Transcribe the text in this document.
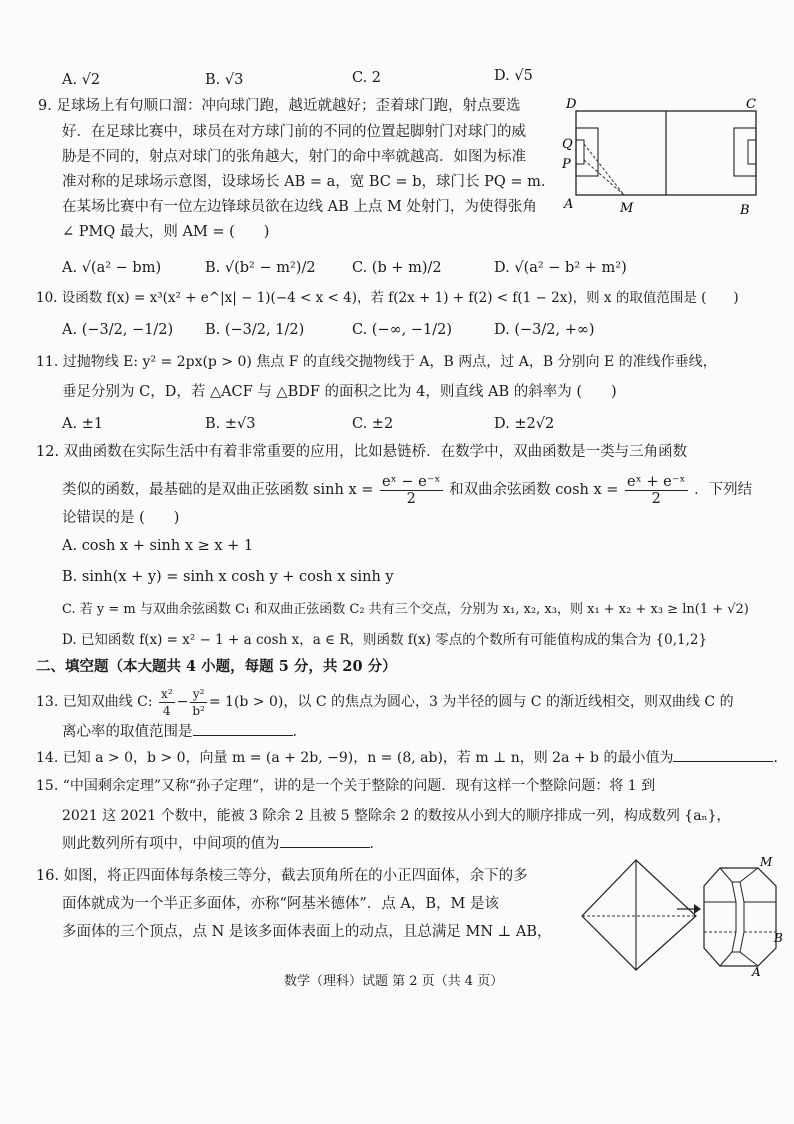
A. √2	B. √3	C. 2	D. √5
9. 足球场上有句顺口溜：冲向球门跑，越近就越好；歪着球门跑，射点要选
好．在足球比赛中，球员在对方球门前的不同的位置起脚射门对球门的威
胁是不同的，射点对球门的张角越大，射门的命中率就越高．如图为标准
准对称的足球场示意图，设球场长 AB = a，宽 BC = b，球门长 PQ = m．
在某场比赛中有一位左边锋球员欲在边线 AB 上点 M 处射门，为使得张角
∠ PMQ 最大，则 AM = (　　)
D	C
Q
P
A	M	B
A. √(a² − bm)	B. √(b² − m²)/2	C. (b + m)/2	D. √(a² − b² + m²)
10. 设函数 f(x) = x³(x² + e^|x| − 1)(−4 < x < 4)，若 f(2x + 1) + f(2) < f(1 − 2x)，则 x 的取值范围是 (　　)
A. (−3/2, −1/2) B. (−3/2, 1/2)	C. (−∞, −1/2)	D. (−3/2, +∞)
11. 过抛物线 E: y² = 2px(p > 0) 焦点 F 的直线交抛物线于 A，B 两点，过 A，B 分别向 E 的准线作垂线，
垂足分别为 C，D，若 △ACF 与 △BDF 的面积之比为 4，则直线 AB 的斜率为 (　　)
A. ±1	B. ±√3	C. ±2	D. ±2√2
12. 双曲函数在实际生活中有着非常重要的应用，比如悬链桥．在数学中，双曲函数是一类与三角函数
类似的函数，最基础的是双曲正弦函数 $\sinh x = \frac{\text{eˣ − e⁻ˣ}}{2}$ 和双曲余弦函数 $\cosh x = \frac{\text{eˣ + e⁻ˣ}}{2}$ ．下列结
论错误的是 (　　)
A. cosh x + sinh x ≥ x + 1
B. sinh(x + y) = sinh x cosh y + cosh x sinh y
C. 若 y = m 与双曲余弦函数 C₁ 和双曲正弦函数 C₂ 共有三个交点，分别为 x₁, x₂, x₃，则 x₁ + x₂ + x₃ ≥ ln(1 + √2)
D. 已知函数 f(x) = x² − 1 + a cosh x，a ∈ R，则函数 f(x) 零点的个数所有可能值构成的集合为 {0,1,2}
二、填空题（本大题共 4 小题，每题 5 分，共 20 分）
13. 已知双曲线 C: $\frac{\text{x²}}{4} - \frac{\text{y²}}{\text{b²}} = 1(b > 0)$，以 C 的焦点为圆心，3 为半径的圆与 C 的渐近线相交，则双曲线 C 的
离心率的取值范围是	．
14. 已知 a > 0，b > 0，向量 m = (a + 2b, −9)，n = (8, ab)，若 m ⊥ n，则 2a + b 的最小值为	．
15. “中国剩余定理”又称“孙子定理”，讲的是一个关于整除的问题．现有这样一个整除问题：将 1 到
2021 这 2021 个数中，能被 3 除余 2 且被 5 整除余 2 的数按从小到大的顺序排成一列，构成数列 {aₙ}，
则此数列所有项中，中间项的值为	．
16. 如图，将正四面体每条棱三等分，截去顶角所在的小正四面体，余下的多
面体就成为一个半正多面体，亦称“阿基米德体”．点 A，B，M 是该
多面体的三个顶点，点 N 是该多面体表面上的动点，且总满足 MN ⊥ AB，
M
B
A
数学（理科）试题 第 2 页（共 4 页）
